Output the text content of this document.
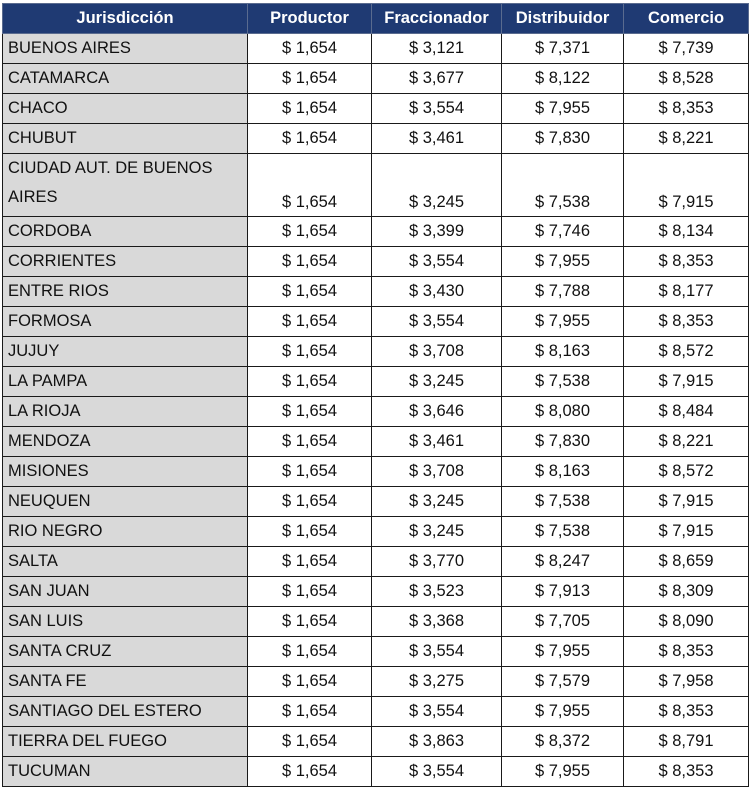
Jurisdicción	Productor	Fraccionador	Distribuidor	Comercio
BUENOS AIRES	$ 1,654	$ 3,121	$ 7,371	$ 7,739
CATAMARCA	$ 1,654	$ 3,677	$ 8,122	$ 8,528
CHACO	$ 1,654	$ 3,554	$ 7,955	$ 8,353
CHUBUT	$ 1,654	$ 3,461	$ 7,830	$ 8,221
CIUDAD AUT. DE BUENOS AIRES	$ 1,654	$ 3,245	$ 7,538	$ 7,915
CORDOBA	$ 1,654	$ 3,399	$ 7,746	$ 8,134
CORRIENTES	$ 1,654	$ 3,554	$ 7,955	$ 8,353
ENTRE RIOS	$ 1,654	$ 3,430	$ 7,788	$ 8,177
FORMOSA	$ 1,654	$ 3,554	$ 7,955	$ 8,353
JUJUY	$ 1,654	$ 3,708	$ 8,163	$ 8,572
LA PAMPA	$ 1,654	$ 3,245	$ 7,538	$ 7,915
LA RIOJA	$ 1,654	$ 3,646	$ 8,080	$ 8,484
MENDOZA	$ 1,654	$ 3,461	$ 7,830	$ 8,221
MISIONES	$ 1,654	$ 3,708	$ 8,163	$ 8,572
NEUQUEN	$ 1,654	$ 3,245	$ 7,538	$ 7,915
RIO NEGRO	$ 1,654	$ 3,245	$ 7,538	$ 7,915
SALTA	$ 1,654	$ 3,770	$ 8,247	$ 8,659
SAN JUAN	$ 1,654	$ 3,523	$ 7,913	$ 8,309
SAN LUIS	$ 1,654	$ 3,368	$ 7,705	$ 8,090
SANTA CRUZ	$ 1,654	$ 3,554	$ 7,955	$ 8,353
SANTA FE	$ 1,654	$ 3,275	$ 7,579	$ 7,958
SANTIAGO DEL ESTERO	$ 1,654	$ 3,554	$ 7,955	$ 8,353
TIERRA DEL FUEGO	$ 1,654	$ 3,863	$ 8,372	$ 8,791
TUCUMAN	$ 1,654	$ 3,554	$ 7,955	$ 8,353
